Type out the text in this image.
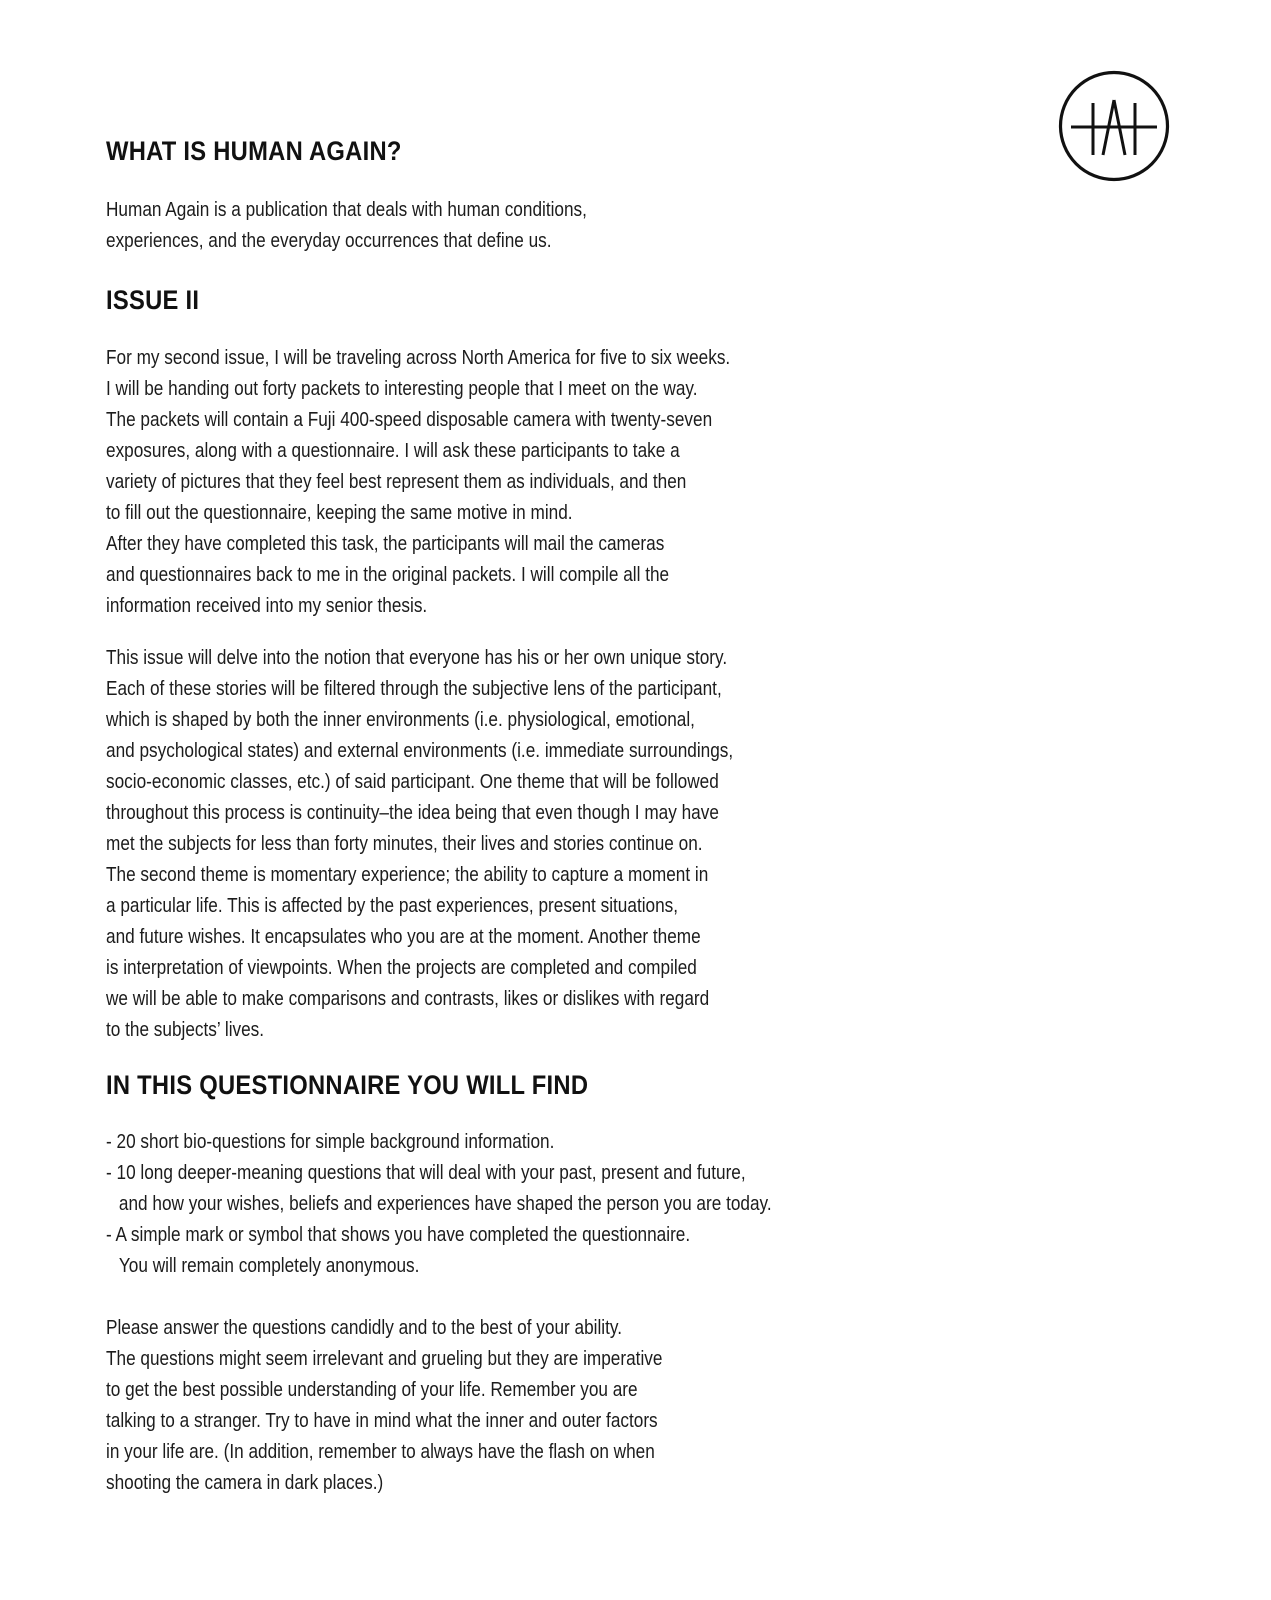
WHAT IS HUMAN AGAIN?
Human Again is a publication that deals with human conditions,
experiences, and the everyday occurrences that define us.
ISSUE II
For my second issue, I will be traveling across North America for five to six weeks.
I will be handing out forty packets to interesting people that I meet on the way.
The packets will contain a Fuji 400-speed disposable camera with twenty-seven
exposures, along with a questionnaire. I will ask these participants to take a
variety of pictures that they feel best represent them as individuals, and then
to fill out the questionnaire, keeping the same motive in mind.
After they have completed this task, the participants will mail the cameras
and questionnaires back to me in the original packets. I will compile all the
information received into my senior thesis.
This issue will delve into the notion that everyone has his or her own unique story.
Each of these stories will be filtered through the subjective lens of the participant,
which is shaped by both the inner environments (i.e. physiological, emotional,
and psychological states) and external environments (i.e. immediate surroundings,
socio-economic classes, etc.) of said participant. One theme that will be followed
throughout this process is continuity–the idea being that even though I may have
met the subjects for less than forty minutes, their lives and stories continue on.
The second theme is momentary experience; the ability to capture a moment in
a particular life. This is affected by the past experiences, present situations,
and future wishes. It encapsulates who you are at the moment. Another theme
is interpretation of viewpoints. When the projects are completed and compiled
we will be able to make comparisons and contrasts, likes or dislikes with regard
to the subjects’ lives.
IN THIS QUESTIONNAIRE YOU WILL FIND
- 20 short bio-questions for simple background information.
- 10 long deeper-meaning questions that will deal with your past, present and future,
and how your wishes, beliefs and experiences have shaped the person you are today.
- A simple mark or symbol that shows you have completed the questionnaire.
You will remain completely anonymous.
Please answer the questions candidly and to the best of your ability.
The questions might seem irrelevant and grueling but they are imperative
to get the best possible understanding of your life. Remember you are
talking to a stranger. Try to have in mind what the inner and outer factors
in your life are. (In addition, remember to always have the flash on when
shooting the camera in dark places.)
